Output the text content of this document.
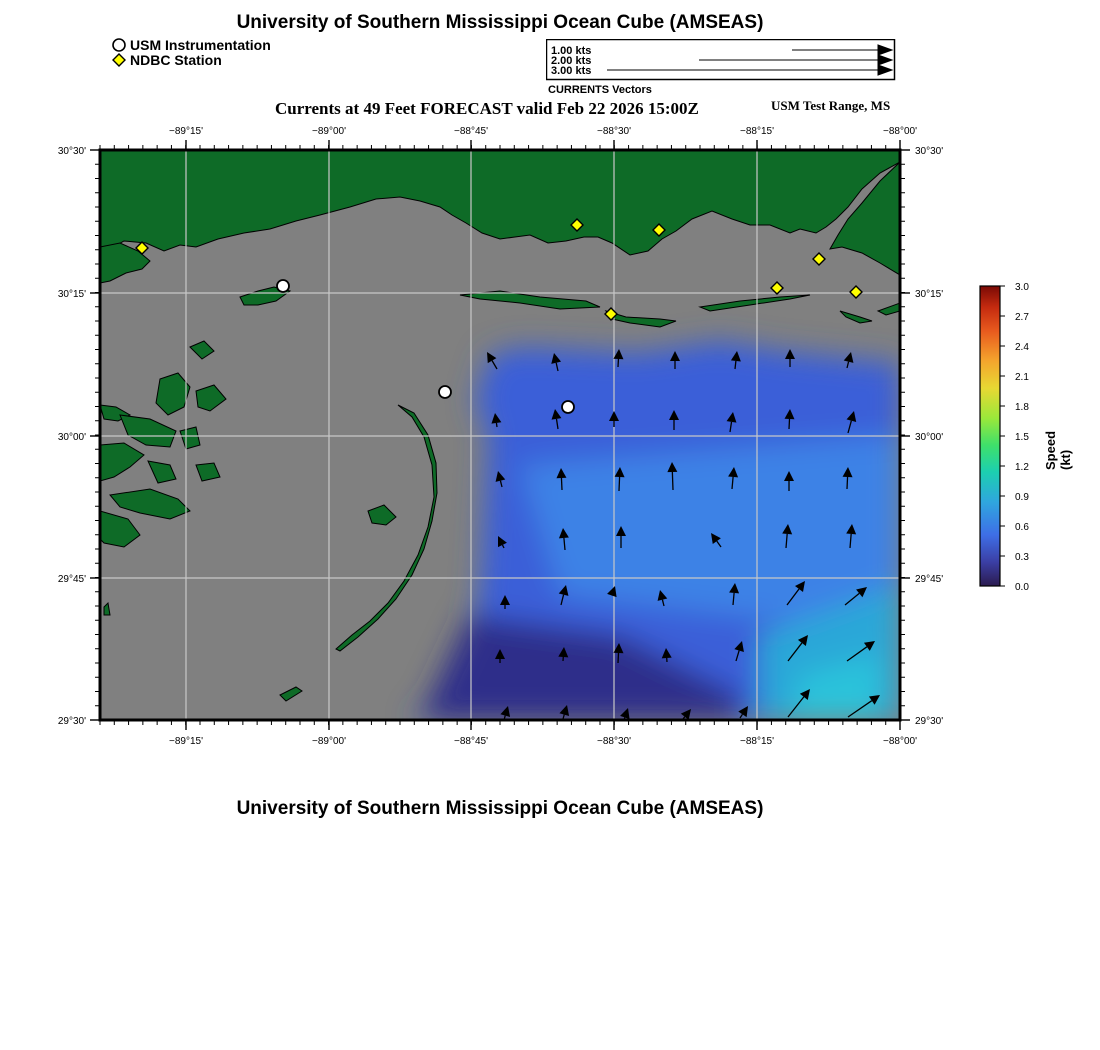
University of Southern Mississippi Ocean Cube (AMSEAS)
USM Instrumentation
NDBC Station
1.00 kts
2.00 kts
3.00 kts
CURRENTS Vectors
Currents at 49 Feet FORECAST valid Feb 22 2026 15:00Z	USM Test Range, MS
−89°15'	−89°00'	−88°45'	−88°30'	−88°15'	−88°00'
−89°15'	−89°00'	−88°45'	−88°30'	−88°15'	−88°00'
30°30'
30°15'
30°00'
29°45'
29°30'
30°30'
30°15'
30°00'
29°45'
29°30'
3.0
2.7
2.4
2.1
1.8
1.5
1.2
0.9
0.6
0.3
0.0
Speed (kt)
University of Southern Mississippi Ocean Cube (AMSEAS)
